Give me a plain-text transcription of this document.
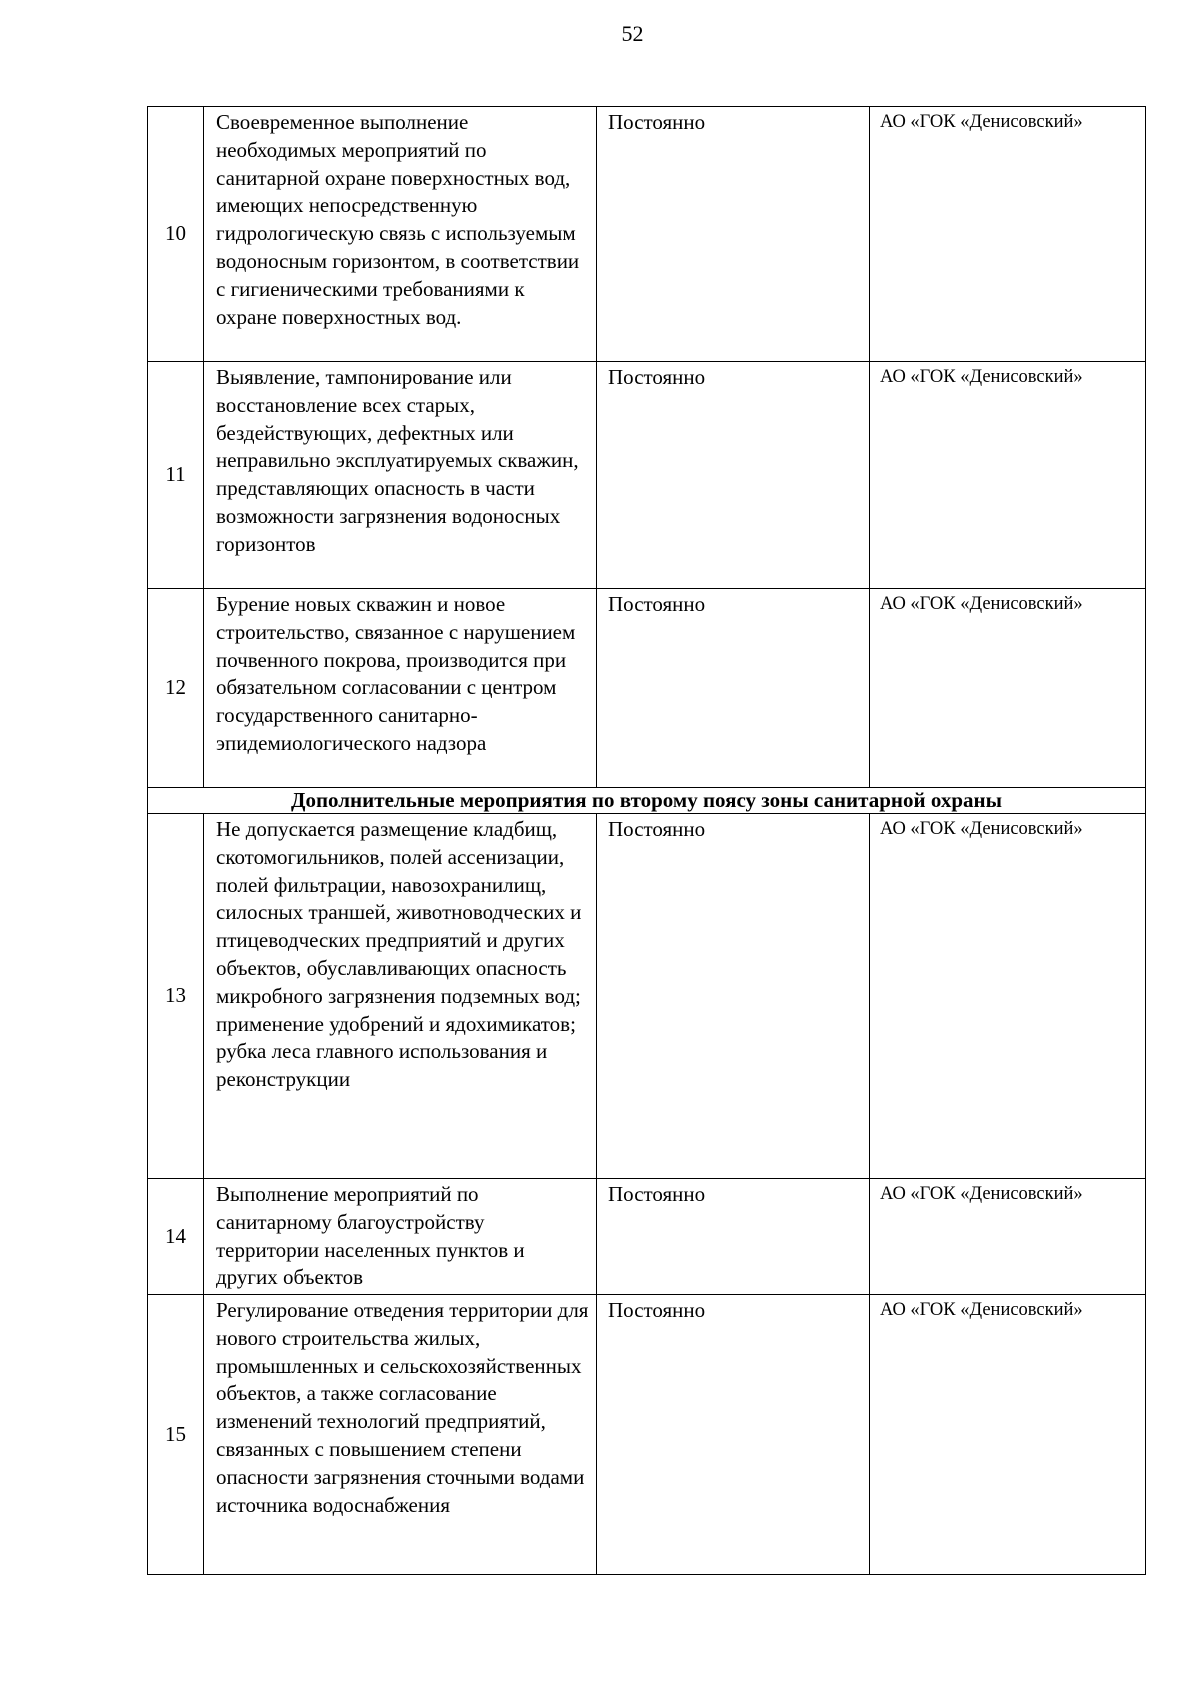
52
10	Своевременное выполнение необходимых мероприятий по санитарной охране поверхностных вод, имеющих непосредственную гидрологическую связь с используемым водоносным горизонтом, в соответствии с гигиеническими требованиями к охране поверхностных вод.	Постоянно	АО «ГОК «Денисовский»
11	Выявление, тампонирование или восстановление всех старых, бездействующих, дефектных или неправильно эксплуатируемых скважин, представляющих опасность в части возможности загрязнения водоносных горизонтов	Постоянно	АО «ГОК «Денисовский»
12	Бурение новых скважин и новое строительство, связанное с нарушением почвенного покрова, производится при обязательном согласовании с центром государственного санитарно-эпидемиологического надзора	Постоянно	АО «ГОК «Денисовский»
Дополнительные мероприятия по второму поясу зоны санитарной охраны			
13	Не допускается размещение кладбищ, скотомогильников, полей ассенизации, полей фильтрации, навозохранилищ, силосных траншей, животноводческих и птицеводческих предприятий и других объектов, обуславливающих опасность микробного загрязнения подземных вод; применение удобрений и ядохимикатов; рубка леса главного использования и реконструкции	Постоянно	АО «ГОК «Денисовский»
14	Выполнение мероприятий по санитарному благоустройству территории населенных пунктов и других объектов	Постоянно	АО «ГОК «Денисовский»
15	Регулирование отведения территории для нового строительства жилых, промышленных и сельскохозяйственных объектов, а также согласование изменений технологий предприятий, связанных с повышением степени опасности загрязнения сточными водами источника водоснабжения	Постоянно	АО «ГОК «Денисовский»
